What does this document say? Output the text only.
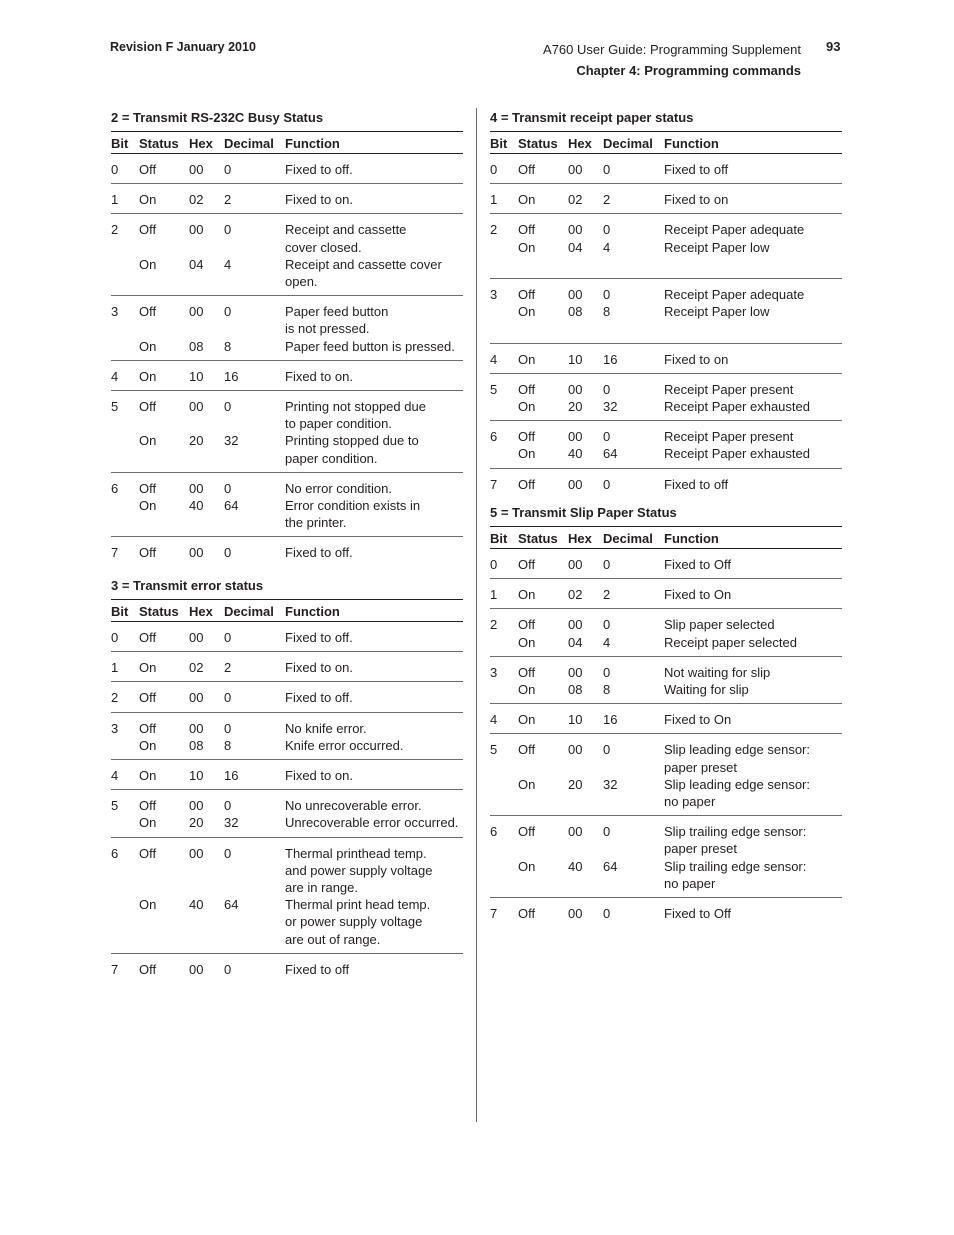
Revision F January 2010	A760 User Guide: Programming Supplement
Chapter 4: Programming commands
93
2 = Transmit RS-232C Busy Status
Bit Status Hex Decimal Function
0	Off	00	0	Fixed to off.
1	On	02	2	Fixed to on.
2	Off	00	0	Receipt and cassette
cover closed.
On	04	4	Receipt and cassette cover
open.
3	Off	00	0	Paper feed button
is not pressed.
On	08	8	Paper feed button is pressed.
4	On	10	16	Fixed to on.
5	Off	00	0	Printing not stopped due
to paper condition.
On	20	32	Printing stopped due to
paper condition.
6	Off	00	0	No error condition.
On	40	64	Error condition exists in
the printer.
7	Off	00	0	Fixed to off.
3 = Transmit error status
Bit Status Hex Decimal Function
0	Off	00	0	Fixed to off.
1	On	02	2	Fixed to on.
2	Off	00	0	Fixed to off.
3	Off	00	0	No knife error.
On	08	8	Knife error occurred.
4	On	10	16	Fixed to on.
5	Off	00	0	No unrecoverable error.
On	20	32	Unrecoverable error occurred.
6	Off	00	0	Thermal printhead temp.
and power supply voltage
are in range.
On	40	64	Thermal print head temp.
or power supply voltage
are out of range.
7	Off	00	0	Fixed to off
4 = Transmit receipt paper status
Bit Status Hex Decimal Function
0	Off	00	0	Fixed to off
1	On	02	2	Fixed to on
2	Off	00	0	Receipt Paper adequate
On	04	4	Receipt Paper low
3	Off	00	0	Receipt Paper adequate
On	08	8	Receipt Paper low
4	On	10	16	Fixed to on
5	Off	00	0	Receipt Paper present
On	20	32	Receipt Paper exhausted
6	Off	00	0	Receipt Paper present
On	40	64	Receipt Paper exhausted
7	Off	00	0	Fixed to off
5 = Transmit Slip Paper Status
Bit Status Hex Decimal Function
0	Off	00	0	Fixed to Off
1	On	02	2	Fixed to On
2	Off	00	0	Slip paper selected
On	04	4	Receipt paper selected
3	Off	00	0	Not waiting for slip
On	08	8	Waiting for slip
4	On	10	16	Fixed to On
5	Off	00	0	Slip leading edge sensor:
paper preset
On	20	32	Slip leading edge sensor:
no paper
6	Off	00	0	Slip trailing edge sensor:
paper preset
On	40	64	Slip trailing edge sensor:
no paper
7	Off	00	0	Fixed to Off
